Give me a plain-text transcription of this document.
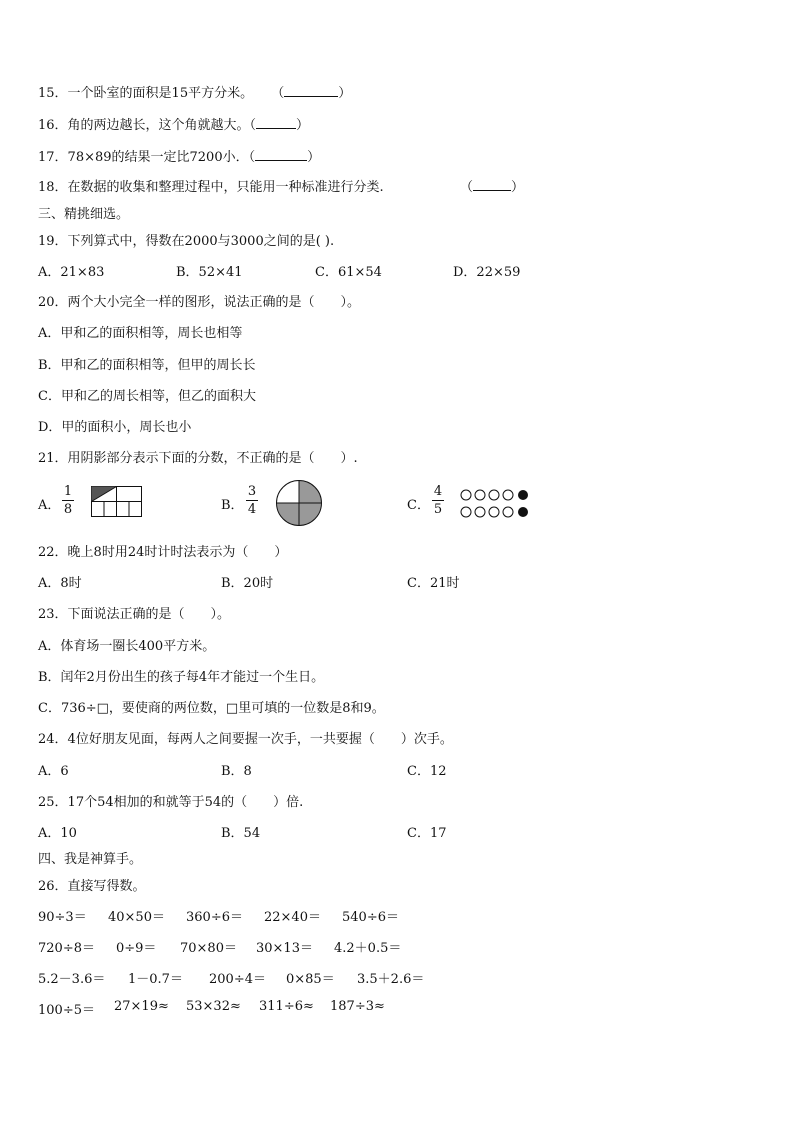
15．一个卧室的面积是15平方分米。 （	）
16．角的两边越长，这个角就越大。（	）
17．78×89的结果一定比7200小．（	）
18．在数据的收集和整理过程中，只能用一种标准进行分类.	（	）
三、精挑细选。
19．下列算式中，得数在2000与3000之间的是( ).
A．21×83	B．52×41	C．61×54	D．22×59
20．两个大小完全一样的图形，说法正确的是（　　）。
A．甲和乙的面积相等，周长也相等
B．甲和乙的面积相等，但甲的周长长
C．甲和乙的周长相等，但乙的面积大
D．甲的面积小，周长也小
21．用阴影部分表示下面的分数，不正确的是（　　）.
A．
1
8	B．
3
4	C．
4
5
22．晚上8时用24时计时法表示为（　　）
A．8时	B．20时	C．21时
23．下面说法正确的是（　　）。
A．体育场一圈长400平方米。
B．闰年2月份出生的孩子每4年才能过一个生日。
C．736÷□，要使商的两位数，□里可填的一位数是8和9。
24．4位好朋友见面，每两人之间要握一次手，一共要握（　　）次手。
A．6	B．8	C．12
25．17个54相加的和就等于54的（　　）倍.
A．10	B．54	C．17
四、我是神算手。
26．直接写得数。
90÷3＝ 40×50＝ 360÷6＝ 22×40＝ 540÷6＝
720÷8＝ 0÷9＝ 70×80＝ 30×13＝ 4.2＋0.5＝
5.2－3.6＝ 1－0.7＝ 200÷4＝ 0×85＝ 3.5＋2.6＝
100÷5＝ 27×19≈ 53×32≈ 311÷6≈ 187÷3≈
